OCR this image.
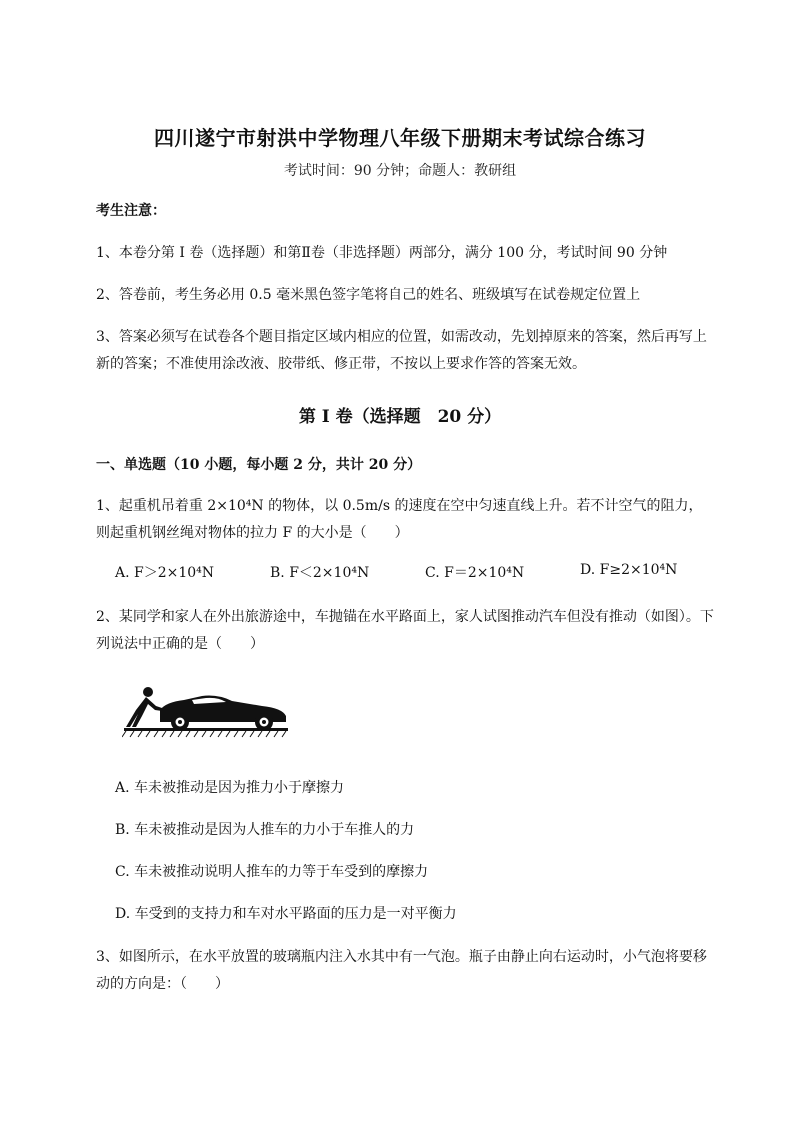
四川遂宁市射洪中学物理八年级下册期末考试综合练习
考试时间：90 分钟；命题人：教研组
考生注意：
1、本卷分第 I 卷（选择题）和第Ⅱ卷（非选择题）两部分，满分 100 分，考试时间 90 分钟
2、答卷前，考生务必用 0.5 毫米黑色签字笔将自己的姓名、班级填写在试卷规定位置上
3、答案必须写在试卷各个题目指定区域内相应的位置，如需改动，先划掉原来的答案，然后再写上新的答案；不准使用涂改液、胶带纸、修正带，不按以上要求作答的答案无效。
第 I 卷（选择题　20 分）
一、单选题（10 小题，每小题 2 分，共计 20 分）
1、起重机吊着重 2×10⁴N 的物体，以 0.5m/s 的速度在空中匀速直线上升。若不计空气的阻力，则起重机钢丝绳对物体的拉力 F 的大小是（　　）
A. F＞2×10⁴N	B. F＜2×10⁴N	C. F＝2×10⁴N	D. F≥2×10⁴N
2、某同学和家人在外出旅游途中，车抛锚在水平路面上，家人试图推动汽车但没有推动（如图）。下列说法中正确的是（　　）
A. 车未被推动是因为推力小于摩擦力
B. 车未被推动是因为人推车的力小于车推人的力
C. 车未被推动说明人推车的力等于车受到的摩擦力
D. 车受到的支持力和车对水平路面的压力是一对平衡力
3、如图所示，在水平放置的玻璃瓶内注入水其中有一气泡。瓶子由静止向右运动时，小气泡将要移动的方向是：（　　）
